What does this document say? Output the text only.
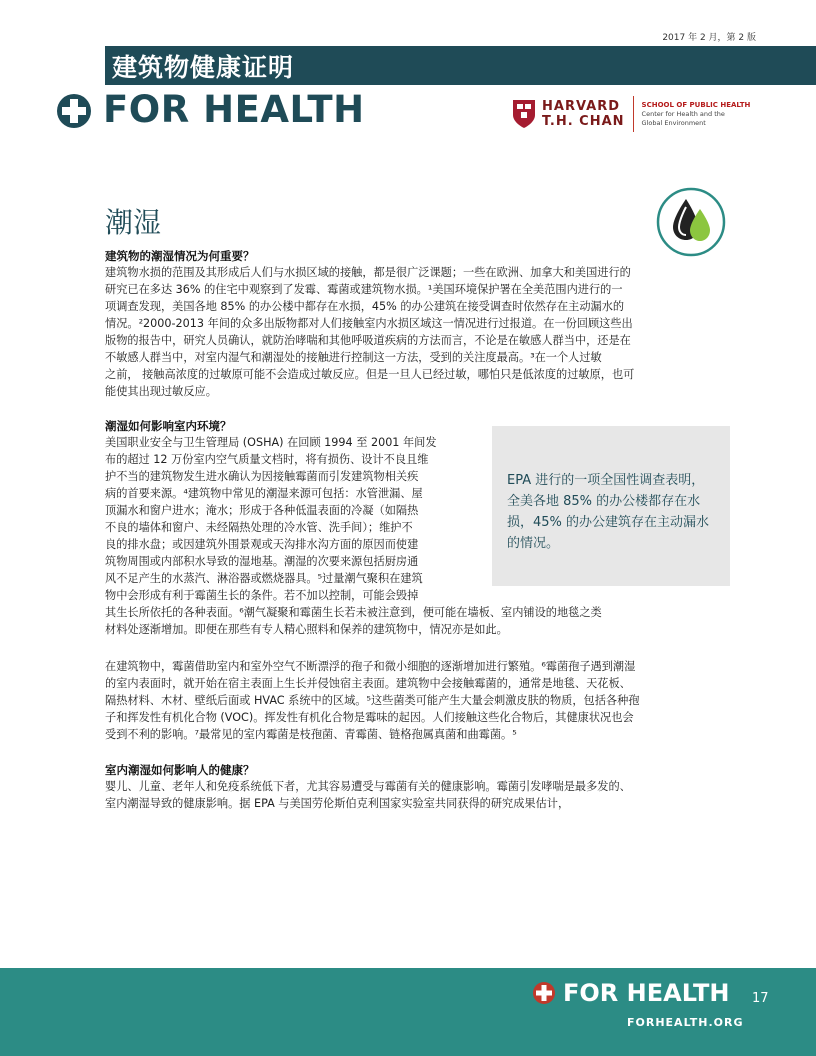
2017 年 2 月，第 2 版
建筑物健康证明
FOR HEALTH	HARVARD
T.H. CHAN
SCHOOL OF PUBLIC HEALTH
Center for Health and the
Global Environment
潮湿
建筑物的潮湿情况为何重要？
建筑物水损的范围及其形成后人们与水损区域的接触，都是很广泛课题；一些在欧洲、加拿大和美国进行的
研究已在多达 36% 的住宅中观察到了发霉、霉菌或建筑物水损。¹美国环境保护署在全美范围内进行的一
项调查发现，美国各地 85% 的办公楼中都存在水损，45% 的办公建筑在接受调查时依然存在主动漏水的
情况。²2000-2013 年间的众多出版物都对人们接触室内水损区域这一情况进行过报道。在一份回顾这些出
版物的报告中，研究人员确认，就防治哮喘和其他呼吸道疾病的方法而言，不论是在敏感人群当中，还是在
不敏感人群当中，对室内湿气和潮湿处的接触进行控制这一方法，受到的关注度最高。³在一个人过敏
之前， 接触高浓度的过敏原可能不会造成过敏反应。但是一旦人已经过敏，哪怕只是低浓度的过敏原，也可
能使其出现过敏反应。
潮湿如何影响室内环境？
美国职业安全与卫生管理局 (OSHA) 在回顾 1994 至 2001 年间发
布的超过 12 万份室内空气质量文档时，将有损伤、设计不良且维
护不当的建筑物发生进水确认为因接触霉菌而引发建筑物相关疾
病的首要来源。⁴建筑物中常见的潮湿来源可包括：水管泄漏、屋
顶漏水和窗户进水；淹水；形成于各种低温表面的冷凝（如隔热
不良的墙体和窗户、未经隔热处理的冷水管、洗手间）；维护不
良的排水盘；或因建筑外围景观或天沟排水沟方面的原因而使建
筑物周围或内部积水导致的湿地基。潮湿的次要来源包括厨房通
风不足产生的水蒸汽、淋浴器或燃烧器具。⁵过量潮气聚积在建筑
物中会形成有利于霉菌生长的条件。若不加以控制，可能会毁掉
其生长所依托的各种表面。⁶潮气凝聚和霉菌生长若未被注意到，便可能在墙板、室内铺设的地毯之类
材料处逐渐增加。即便在那些有专人精心照料和保养的建筑物中，情况亦是如此。
EPA 进行的一项全国性调查表明，全美各地 85% 的办公楼都存在水损，45% 的办公建筑存在主动漏水的情况。
在建筑物中，霉菌借助室内和室外空气不断漂浮的孢子和微小细胞的逐渐增加进行繁殖。⁶霉菌孢子遇到潮湿
的室内表面时，就开始在宿主表面上生长并侵蚀宿主表面。建筑物中会接触霉菌的，通常是地毯、天花板、
隔热材料、木材、壁纸后面或 HVAC 系统中的区域。⁵这些菌类可能产生大量会刺激皮肤的物质，包括各种孢
子和挥发性有机化合物 (VOC)。挥发性有机化合物是霉味的起因。人们接触这些化合物后，其健康状况也会
受到不利的影响。⁷最常见的室内霉菌是枝孢菌、青霉菌、链格孢属真菌和曲霉菌。⁵
室内潮湿如何影响人的健康？
婴儿、儿童、老年人和免疫系统低下者，尤其容易遭受与霉菌有关的健康影响。霉菌引发哮喘是最多发的、
室内潮湿导致的健康影响。据 EPA 与美国劳伦斯伯克利国家实验室共同获得的研究成果估计，
FOR HEALTH 17
FORHEALTH.ORG
